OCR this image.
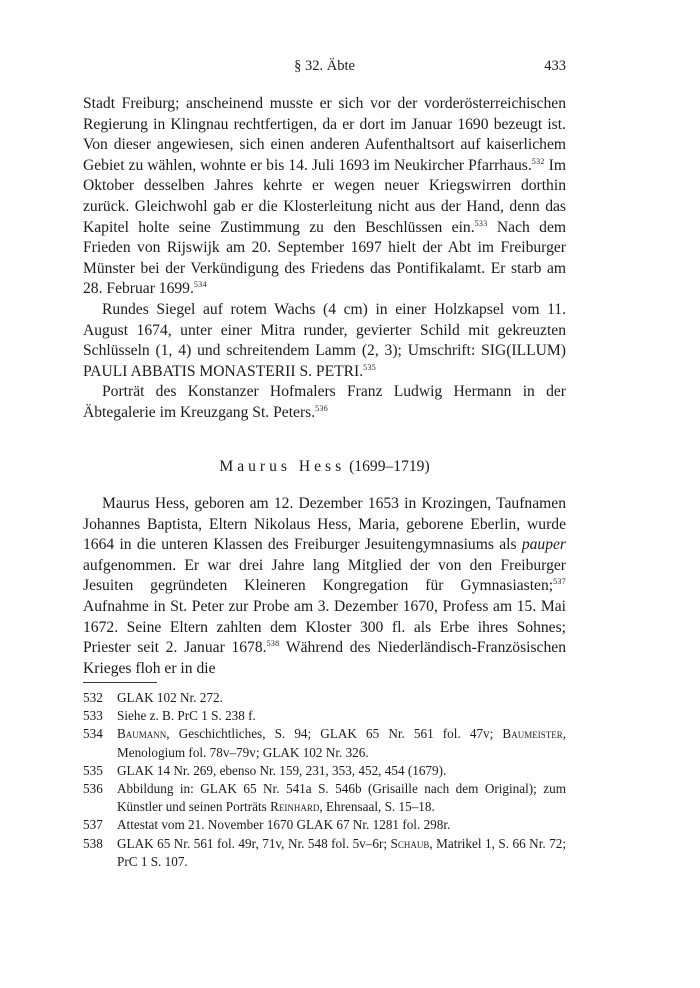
§ 32. Äbte	433

Stadt Freiburg; anscheinend musste er sich vor der vorderösterreichischen Regierung in Klingnau rechtfertigen, da er dort im Januar 1690 bezeugt ist. Von dieser angewiesen, sich einen anderen Aufenthaltsort auf kaiserlichem Gebiet zu wählen, wohnte er bis 14. Juli 1693 im Neukircher Pfarrhaus.$^{532}$ Im Oktober desselben Jahres kehrte er wegen neuer Kriegswirren dorthin zurück. Gleichwohl gab er die Klosterleitung nicht aus der Hand, denn das Kapitel holte seine Zustimmung zu den Beschlüssen ein.$^{533}$ Nach dem Frieden von Rijswijk am 20. September 1697 hielt der Abt im Freiburger Münster bei der Verkündigung des Friedens das Pontifikalamt. Er starb am 28. Februar 1699.$^{534}$

Rundes Siegel auf rotem Wachs (4 cm) in einer Holzkapsel vom 11. August 1674, unter einer Mitra runder, gevierter Schild mit gekreuzten Schlüsseln (1, 4) und schreitendem Lamm (2, 3); Umschrift: SIG(ILLUM) PAULI ABBATIS MONASTERII S. PETRI.$^{535}$

Porträt des Konstanzer Hofmalers Franz Ludwig Hermann in der Äbtegalerie im Kreuzgang St. Peters.$^{536}$

Maurus Hess (1699–1719)

Maurus Hess, geboren am 12. Dezember 1653 in Krozingen, Taufnamen Johannes Baptista, Eltern Nikolaus Hess, Maria, geborene Eberlin, wurde 1664 in die unteren Klassen des Freiburger Jesuitengymnasiums als pauper aufgenommen. Er war drei Jahre lang Mitglied der von den Freiburger Jesuiten gegründeten Kleineren Kongregation für Gymnasiasten;$^{537}$ Aufnahme in St. Peter zur Probe am 3. Dezember 1670, Profess am 15. Mai 1672. Seine Eltern zahlten dem Kloster 300 fl. als Erbe ihres Sohnes; Priester seit 2. Januar 1678.$^{538}$ Während des Niederländisch-Französischen Krieges floh er in die

532 GLAK 102 Nr. 272.
533 Siehe z. B. PrC 1 S. 238 f.
534 Baumann, Geschichtliches, S. 94; GLAK 65 Nr. 561 fol. 47v; Baumeister, Menologium fol. 78v–79v; GLAK 102 Nr. 326.
535 GLAK 14 Nr. 269, ebenso Nr. 159, 231, 353, 452, 454 (1679).
536 Abbildung in: GLAK 65 Nr. 541a S. 546b (Grisaille nach dem Original); zum Künstler und seinen Porträts Reinhard, Ehrensaal, S. 15–18.
537 Attestat vom 21. November 1670 GLAK 67 Nr. 1281 fol. 298r.
538 GLAK 65 Nr. 561 fol. 49r, 71v, Nr. 548 fol. 5v–6r; Schaub, Matrikel 1, S. 66 Nr. 72; PrC 1 S. 107.
